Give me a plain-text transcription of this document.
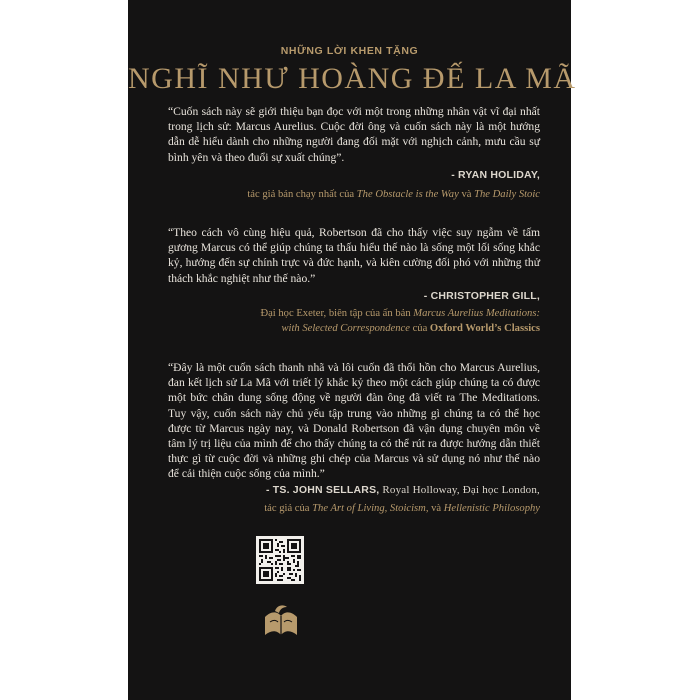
NHỮNG LỜI KHEN TẶNG
NGHĨ NHƯ HOÀNG ĐẾ LA MÃ
“Cuốn sách này sẽ giới thiệu bạn đọc với một trong những nhân vật vĩ đại nhất trong lịch sử: Marcus Aurelius. Cuộc đời ông và cuốn sách này là một hướng dẫn dễ hiểu dành cho những người đang đối mặt với nghịch cảnh, mưu cầu sự bình yên và theo đuổi sự xuất chúng”.
- RYAN HOLIDAY,
tác giả bán chạy nhất của The Obstacle is the Way và The Daily Stoic
“Theo cách vô cùng hiệu quả, Robertson đã cho thấy việc suy ngẫm về tấm gương Marcus có thể giúp chúng ta thấu hiểu thế nào là sống một lối sống khắc kỷ, hướng đến sự chính trực và đức hạnh, và kiên cường đối phó với những thử thách khắc nghiệt như thế nào.”
- CHRISTOPHER GILL,
Đại học Exeter, biên tập của ấn bản Marcus Aurelius Meditations:
with Selected Correspondence của Oxford World’s Classics
“Đây là một cuốn sách thanh nhã và lôi cuốn đã thổi hồn cho Marcus Aurelius, đan kết lịch sử La Mã với triết lý khắc kỷ theo một cách giúp chúng ta có được một bức chân dung sống động về người đàn ông đã viết ra The Meditations. Tuy vậy, cuốn sách này chủ yếu tập trung vào những gì chúng ta có thể học được từ Marcus ngày nay, và Donald Robertson đã vận dụng chuyên môn về tâm lý trị liệu của mình để cho thấy chúng ta có thể rút ra được hướng dẫn thiết thực gì từ cuộc đời và những ghi chép của Marcus và sử dụng nó như thế nào để cải thiện cuộc sống của mình.”
- TS. JOHN SELLARS, Royal Holloway, Đại học London,
tác giả của The Art of Living, Stoicism, và Hellenistic Philosophy
